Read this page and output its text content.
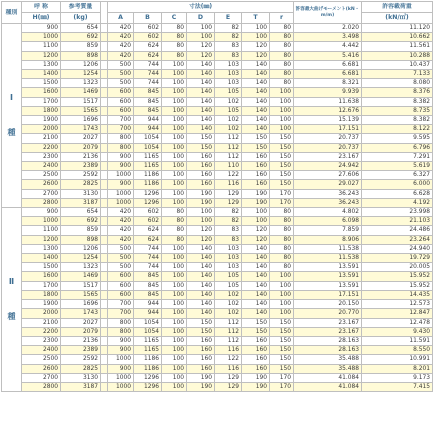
種別	呼 称	参考質量		寸法(㎜)							許容最大曲げモーメント(kN・m/m)	許容載荷重
	H(㎜)	(kg)		A	B	C	D	E	T	r		(kN/㎡)

Ⅰ
種	900	654		420	602	80	100	82	100	80	2.020	11.120
	1000	692		420	602	80	100	82	100	80	3.498	10.662
	1100	859		420	624	80	120	83	120	80	4.442	11.561
	1200	898		420	624	80	120	83	120	80	5.416	10.288
	1300	1206		500	744	100	140	103	140	80	6.681	10.437
	1400	1254		500	744	100	140	103	140	80	6.681	7.133
	1500	1323		500	744	100	140	103	140	80	8.321	8.080
	1600	1469		600	845	100	140	105	140	100	9.939	8.376
	1700	1517		600	845	100	140	102	140	100	11.638	8.382
	1800	1565		600	845	100	140	105	140	100	12.676	8.735
	1900	1696		700	944	100	140	102	140	100	15.139	8.382
	2000	1743		700	944	100	140	102	140	100	17.151	8.122
	2100	2027		800	1054	100	150	112	150	150	20.737	9.595
	2200	2079		800	1054	100	150	112	150	150	20.737	6.796
	2300	2136		900	1165	100	160	112	160	150	23.167	7.291
	2400	2389		900	1165	100	160	110	160	150	24.942	5.619
	2500	2592		1000	1186	100	160	122	160	150	27.606	6.327
	2600	2825		900	1186	100	160	116	160	150	29.027	6.000
	2700	3130		1000	1296	100	190	129	190	170	36.243	6.628
	2800	3187		1000	1296	100	190	129	190	170	36.243	4.192

Ⅱ
種	900	654		420	602	80	100	82	100	80	4.802	23.998
	1000	692		420	602	80	100	82	100	80	6.098	21.103
	1100	859		420	624	80	120	83	120	80	7.859	24.486
	1200	898		420	624	80	120	83	120	80	8.906	23.264
	1300	1206		500	744	100	140	103	140	80	11.538	24.940
	1400	1254		500	744	100	140	103	140	80	11.538	19.729
	1500	1323		500	744	100	140	103	140	80	13.591	20.005
	1600	1469		600	845	100	140	105	140	100	13.591	15.952
	1700	1517		600	845	100	140	105	140	100	13.591	15.952
	1800	1565		600	845	100	140	102	140	100	17.151	14.435
	1900	1696		700	944	100	140	102	140	100	20.150	12.573
	2000	1743		700	944	100	140	102	140	100	20.770	12.847
	2100	2027		800	1054	100	150	112	150	150	23.167	12.478
	2200	2079		800	1054	100	150	112	150	150	23.167	9.430
	2300	2136		900	1165	100	160	112	160	150	28.163	11.591
	2400	2389		900	1165	100	160	116	160	150	28.163	8.550
	2500	2592		1000	1186	100	160	122	160	150	35.488	10.991
	2600	2825		900	1186	100	160	116	160	150	35.488	8.201
	2700	3130		1000	1296	100	190	129	190	170	41.084	9.173
	2800	3187		1000	1296	100	190	129	190	170	41.084	7.415
